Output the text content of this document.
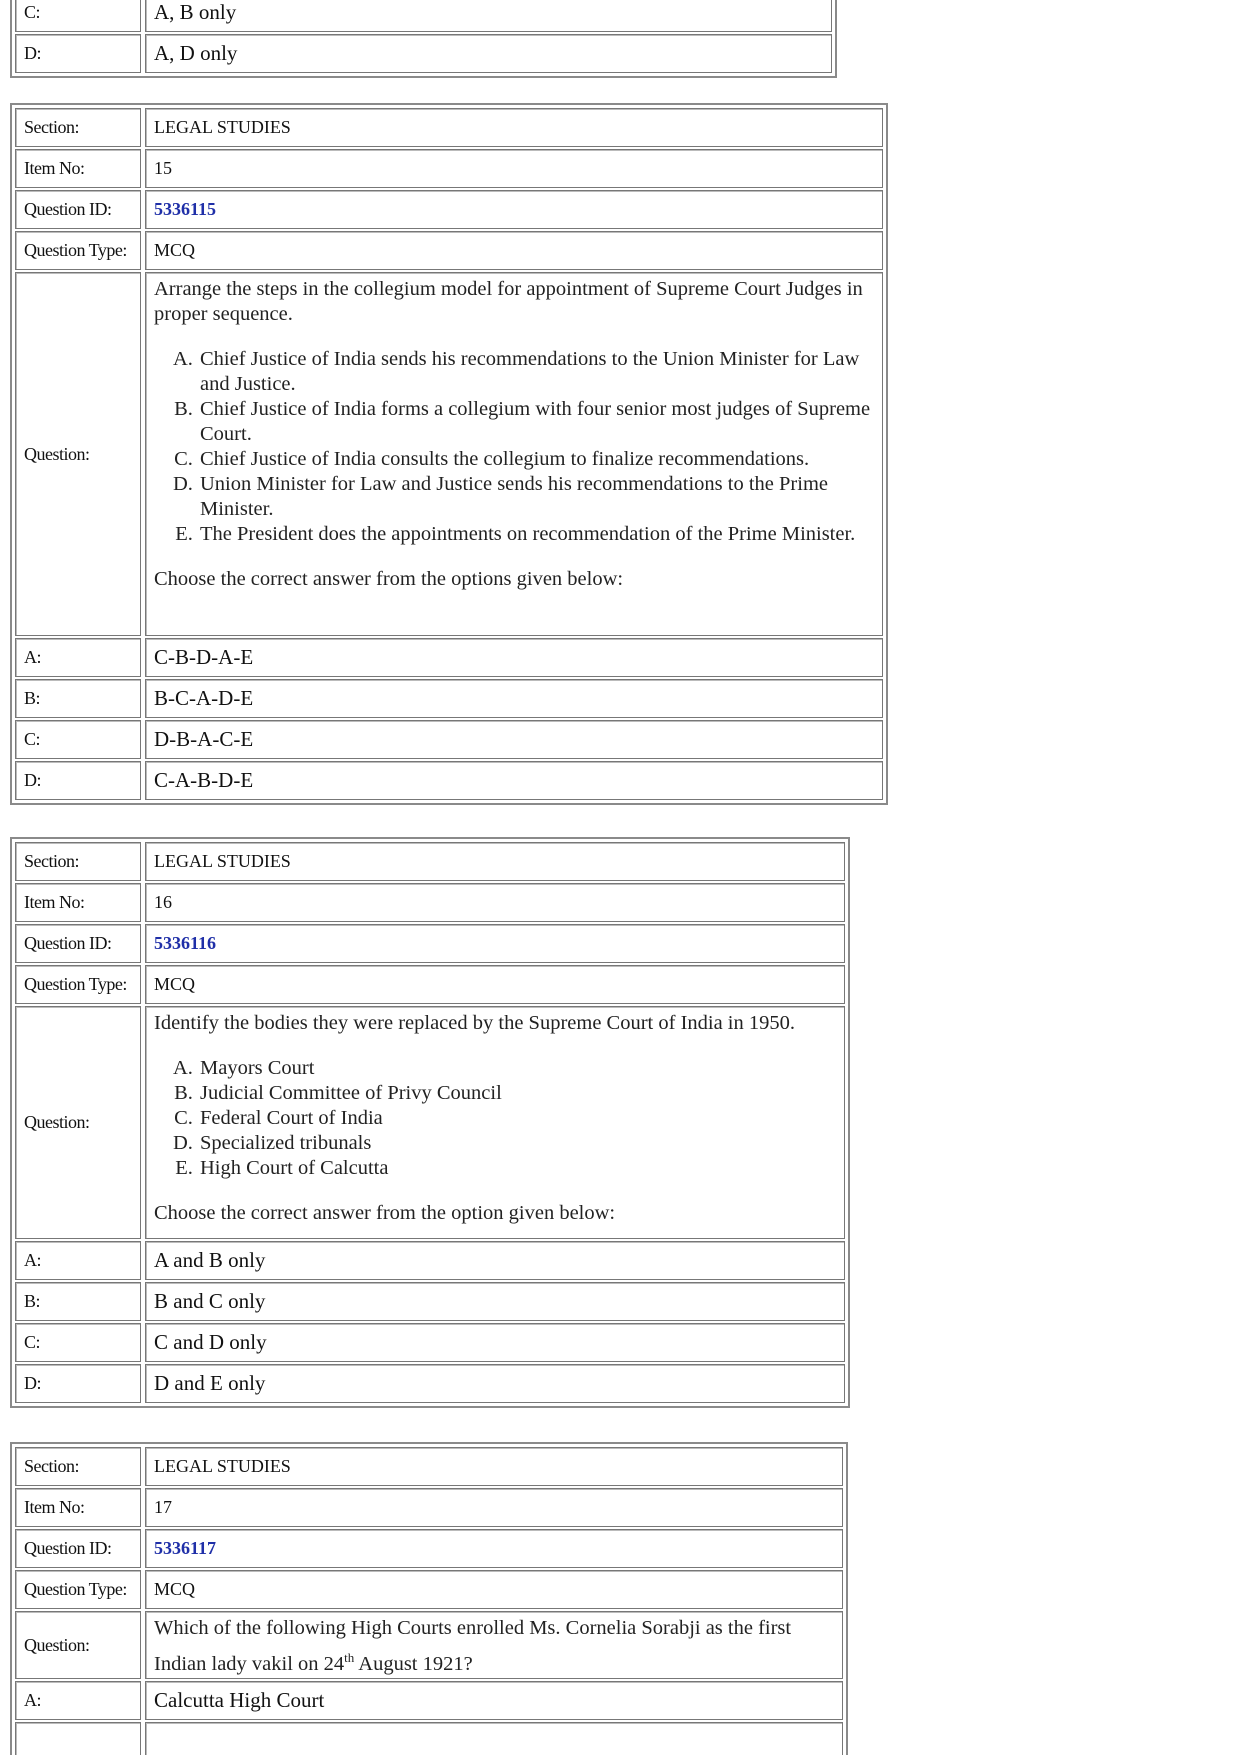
C:	A, B only
D:	A, D only
Section:	LEGAL STUDIES
Item No:	15
Question ID:	5336115
Question Type:	MCQ
Question:

Arrange the steps in the collegium model for appointment of Supreme Court Judges in proper sequence.

A. Chief Justice of India sends his recommendations to the Union Minister for Law and Justice.
B. Chief Justice of India forms a collegium with four senior most judges of Supreme Court.
C. Chief Justice of India consults the collegium to finalize recommendations.
D. Union Minister for Law and Justice sends his recommendations to the Prime Minister.
E. The President does the appointments on recommendation of the Prime Minister.

Choose the correct answer from the options given below:

A:	C-B-D-A-E
B:	B-C-A-D-E
C:	D-B-A-C-E
D:	C-A-B-D-E
Section:	LEGAL STUDIES
Item No:	16
Question ID:	5336116
Question Type:	MCQ
Question:

Identify the bodies they were replaced by the Supreme Court of India in 1950.

A. Mayors Court
B. Judicial Committee of Privy Council
C. Federal Court of India
D. Specialized tribunals
E. High Court of Calcutta

Choose the correct answer from the option given below:

A:	A and B only
B:	B and C only
C:	C and D only
D:	D and E only
Section:	LEGAL STUDIES
Item No:	17
Question ID:	5336117
Question Type:	MCQ
Question:
Which of the following High Courts enrolled Ms. Cornelia Sorabji as the first Indian lady vakil on 24th August 1921?
A:	Calcutta High Court
